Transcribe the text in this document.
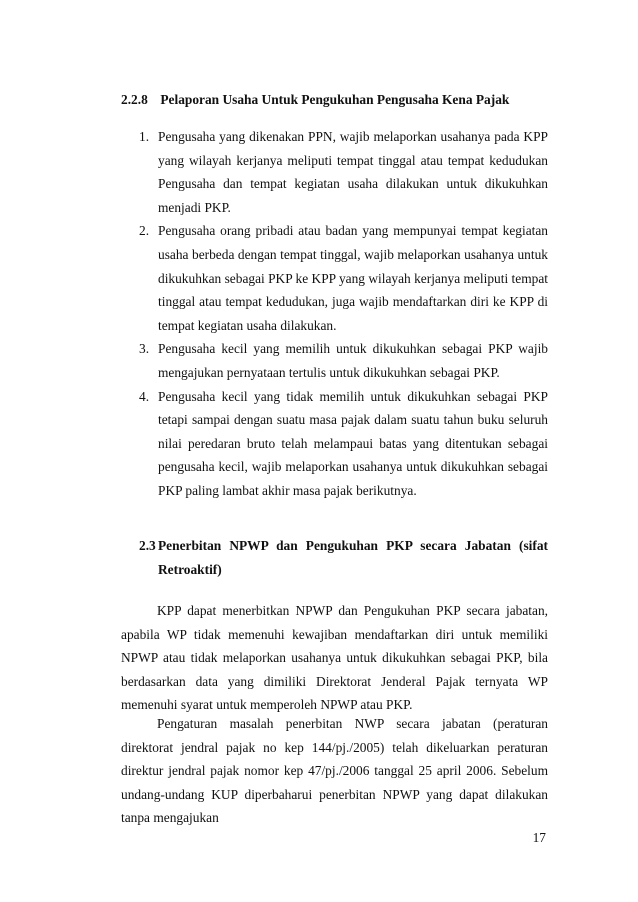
2.2.8 Pelaporan Usaha Untuk Pengukuhan Pengusaha Kena Pajak
1. Pengusaha yang dikenakan PPN, wajib melaporkan usahanya pada KPP yang wilayah kerjanya meliputi tempat tinggal atau tempat kedudukan Pengusaha dan tempat kegiatan usaha dilakukan untuk dikukuhkan menjadi PKP.
2. Pengusaha orang pribadi atau badan yang mempunyai tempat kegiatan usaha berbeda dengan tempat tinggal, wajib melaporkan usahanya untuk dikukuhkan sebagai PKP ke KPP yang wilayah kerjanya meliputi tempat tinggal atau tempat kedudukan, juga wajib mendaftarkan diri ke KPP di tempat kegiatan usaha dilakukan.
3. Pengusaha kecil yang memilih untuk dikukuhkan sebagai PKP wajib mengajukan pernyataan tertulis untuk dikukuhkan sebagai PKP.
4. Pengusaha kecil yang tidak memilih untuk dikukuhkan sebagai PKP tetapi sampai dengan suatu masa pajak dalam suatu tahun buku seluruh nilai peredaran bruto telah melampaui batas yang ditentukan sebagai pengusaha kecil, wajib melaporkan usahanya untuk dikukuhkan sebagai PKP paling lambat akhir masa pajak berikutnya.
2.3 Penerbitan NPWP dan Pengukuhan PKP secara Jabatan (sifat Retroaktif)

KPP dapat menerbitkan NPWP dan Pengukuhan PKP secara jabatan, apabila WP tidak memenuhi kewajiban mendaftarkan diri untuk memiliki NPWP atau tidak melaporkan usahanya untuk dikukuhkan sebagai PKP, bila berdasarkan data yang dimiliki Direktorat Jenderal Pajak ternyata WP memenuhi syarat untuk memperoleh NPWP atau PKP.

Pengaturan masalah penerbitan NWP secara jabatan (peraturan direktorat jendral pajak no kep 144/pj./2005) telah dikeluarkan peraturan direktur jendral pajak nomor kep 47/pj./2006 tanggal 25 april 2006. Sebelum undang-undang KUP diperbaharui penerbitan NPWP yang dapat dilakukan tanpa mengajukan

17
